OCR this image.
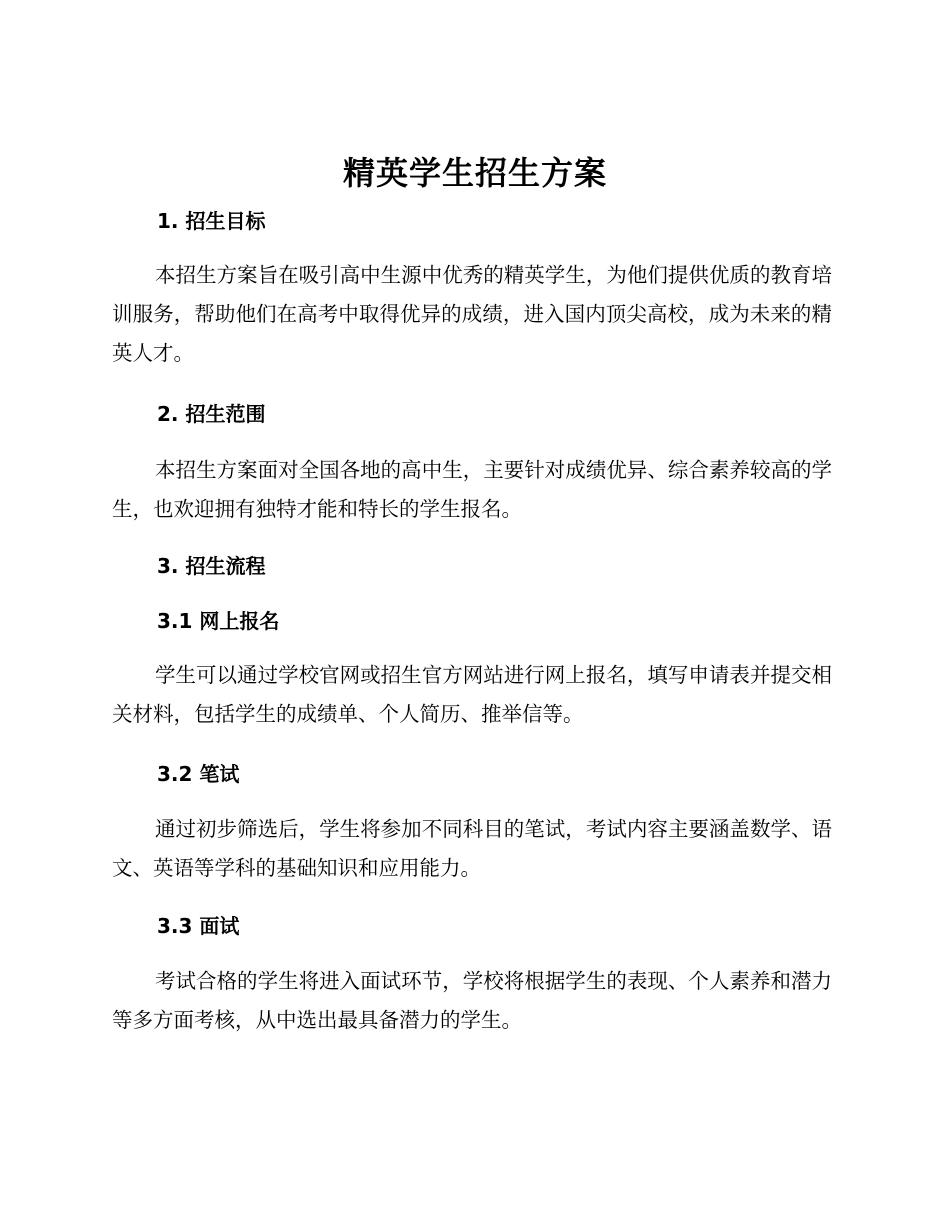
精英学生招生方案
1. 招生目标

本招生方案旨在吸引高中生源中优秀的精英学生，为他们提供优质的教育培训服务，帮助他们在高考中取得优异的成绩，进入国内顶尖高校，成为未来的精英人才。

2. 招生范围

本招生方案面对全国各地的高中生，主要针对成绩优异、综合素养较高的学生，也欢迎拥有独特才能和特长的学生报名。

3. 招生流程
3.1 网上报名

学生可以通过学校官网或招生官方网站进行网上报名，填写申请表并提交相关材料，包括学生的成绩单、个人简历、推举信等。

3.2 笔试

通过初步筛选后，学生将参加不同科目的笔试，考试内容主要涵盖数学、语文、英语等学科的基础知识和应用能力。

3.3 面试

考试合格的学生将进入面试环节，学校将根据学生的表现、个人素养和潜力等多方面考核，从中选出最具备潜力的学生。
